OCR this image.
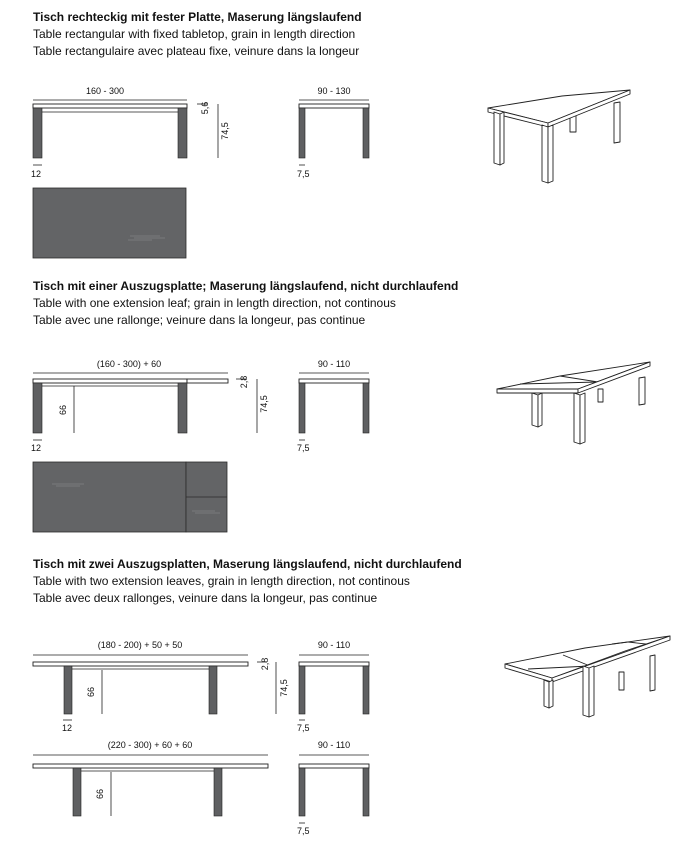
Tisch rechteckig mit fester Platte, Maserung längslaufend
Table rectangular with fixed tabletop, grain in length direction
Table rectangulaire avec plateau fixe, veinure dans la longeur
Tisch mit einer Auszugsplatte; Maserung längslaufend, nicht durchlaufend
Table with one extension leaf; grain in length direction, not continous
Table avec une rallonge; veinure dans la longeur, pas continue
Tisch mit zwei Auszugsplatten, Maserung längslaufend, nicht durchlaufend
Table with two extension leaves, grain in length direction, not continous
Table avec deux rallonges, veinure dans la longeur, pas continue
160 - 300
12
5,6
74,5
90 - 130
7,5
(160 - 300) + 60
66
12
2,8
74,5
90 - 110
7,5
(180 - 200) + 50 + 50
66
12
2,8
74,5
90 - 110
7,5
(220 - 300) + 60 + 60
66
90 - 110
7,5
